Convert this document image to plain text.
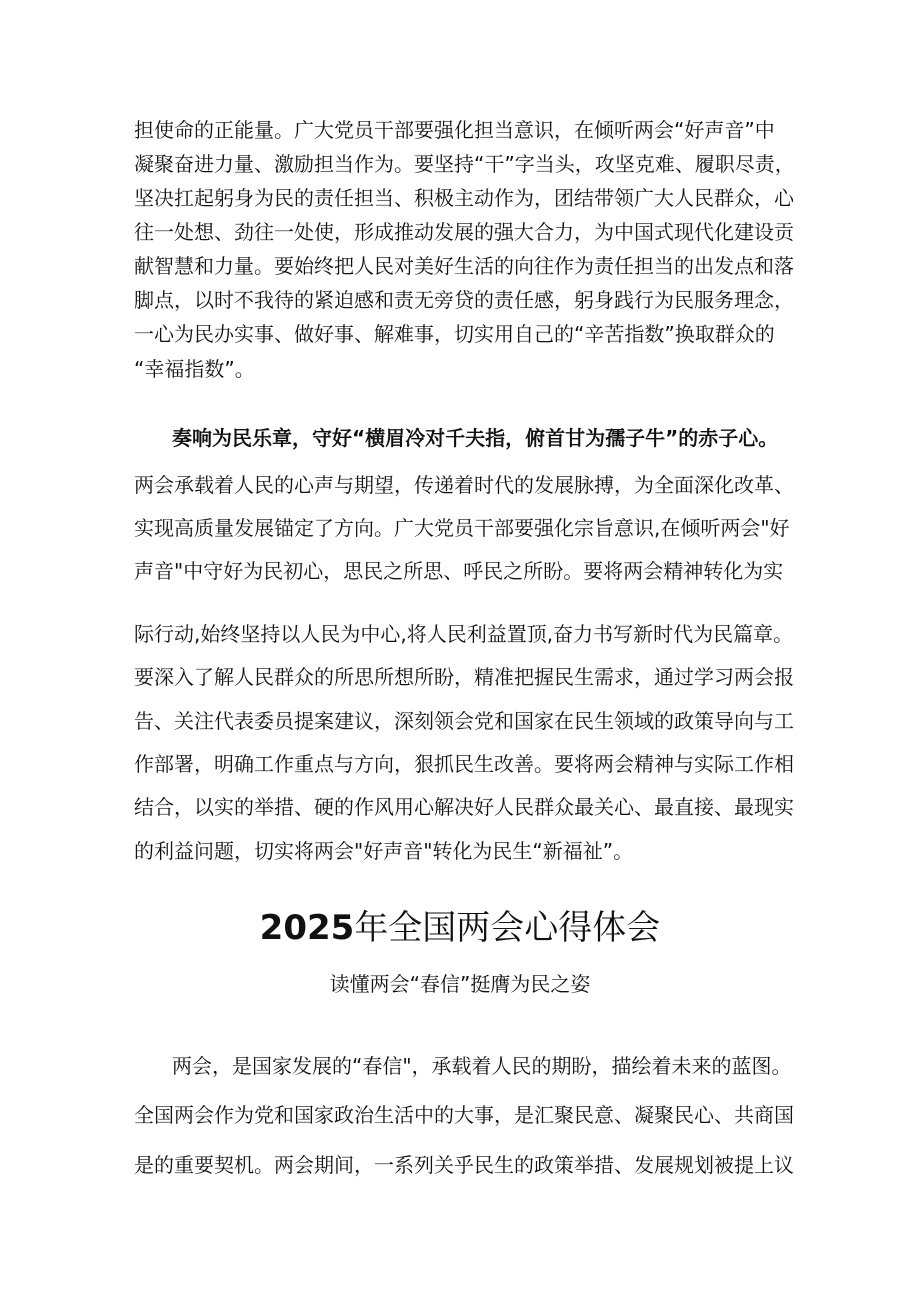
担使命的正能量。广大党员干部要强化担当意识，在倾听两会“好声音”中
凝聚奋进力量、激励担当作为。要坚持“干”字当头，攻坚克难、履职尽责，
坚决扛起躬身为民的责任担当、积极主动作为，团结带领广大人民群众，心
往一处想、劲往一处使，形成推动发展的强大合力，为中国式现代化建设贡
献智慧和力量。要始终把人民对美好生活的向往作为责任担当的出发点和落
脚点，以时不我待的紧迫感和责无旁贷的责任感，躬身践行为民服务理念，
一心为民办实事、做好事、解难事，切实用自己的“辛苦指数”换取群众的
“幸福指数”。
奏响为民乐章，守好“横眉冷对千夫指，俯首甘为孺子牛”的赤子心。
两会承载着人民的心声与期望，传递着时代的发展脉搏，为全面深化改革、
实现高质量发展锚定了方向。广大党员干部要强化宗旨意识,在倾听两会"好
声音"中守好为民初心，思民之所思、呼民之所盼。要将两会精神转化为实
际行动,始终坚持以人民为中心,将人民利益置顶,奋力书写新时代为民篇章。
要深入了解人民群众的所思所想所盼，精准把握民生需求，通过学习两会报
告、关注代表委员提案建议，深刻领会党和国家在民生领域的政策导向与工
作部署，明确工作重点与方向，狠抓民生改善。要将两会精神与实际工作相
结合，以实的举措、硬的作风用心解决好人民群众最关心、最直接、最现实
的利益问题，切实将两会"好声音"转化为民生“新福祉”。
2025年全国两会心得体会
读懂两会“春信”挺膺为民之姿
两会，是国家发展的“春信"，承载着人民的期盼，描绘着未来的蓝图。
全国两会作为党和国家政治生活中的大事，是汇聚民意、凝聚民心、共商国
是的重要契机。两会期间，一系列关乎民生的政策举措、发展规划被提上议
